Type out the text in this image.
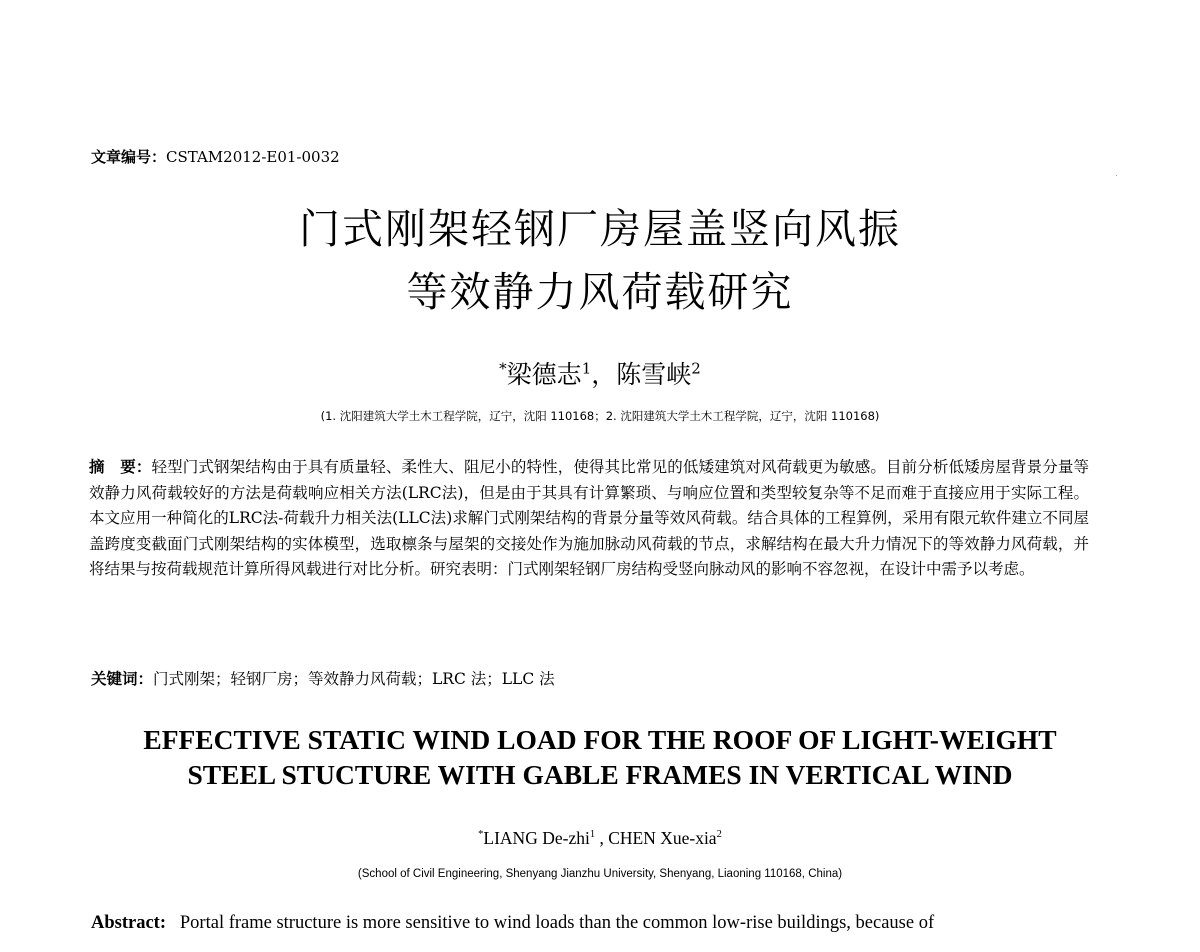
文章编号：CSTAM2012-E01-0032
门式刚架轻钢厂房屋盖竖向风振
等效静力风荷载研究
*梁德志$^1$，陈雪峡$^2$
(1. 沈阳建筑大学土木工程学院，辽宁，沈阳 110168；2. 沈阳建筑大学土木工程学院，辽宁，沈阳 110168)
摘　要：轻型门式钢架结构由于具有质量轻、柔性大、阻尼小的特性，使得其比常见的低矮建筑对风荷载更为敏感。目前分析低矮房屋背景分量等效静力风荷载较好的方法是荷载响应相关方法(LRC法)，但是由于其具有计算繁琐、与响应位置和类型较复杂等不足而难于直接应用于实际工程。本文应用一种简化的LRC法-荷载升力相关法(LLC法)求解门式刚架结构的背景分量等效风荷载。结合具体的工程算例，采用有限元软件建立不同屋盖跨度变截面门式刚架结构的实体模型，选取檩条与屋架的交接处作为施加脉动风荷载的节点，求解结构在最大升力情况下的等效静力风荷载，并将结果与按荷载规范计算所得风载进行对比分析。研究表明：门式刚架轻钢厂房结构受竖向脉动风的影响不容忽视，在设计中需予以考虑。
关键词：门式刚架；轻钢厂房；等效静力风荷载；LRC 法；LLC 法
EFFECTIVE STATIC WIND LOAD FOR THE ROOF OF LIGHT-WEIGHT
STEEL STUCTURE WITH GABLE FRAMES IN VERTICAL WIND
*LIANG De-zhi$^1$ , CHEN Xue-xia$^2$
(School of Civil Engineering, Shenyang Jianzhu University, Shenyang, Liaoning 110168, China)
Abstract: Portal frame structure is more sensitive to wind loads than the common low-rise buildings, because of
